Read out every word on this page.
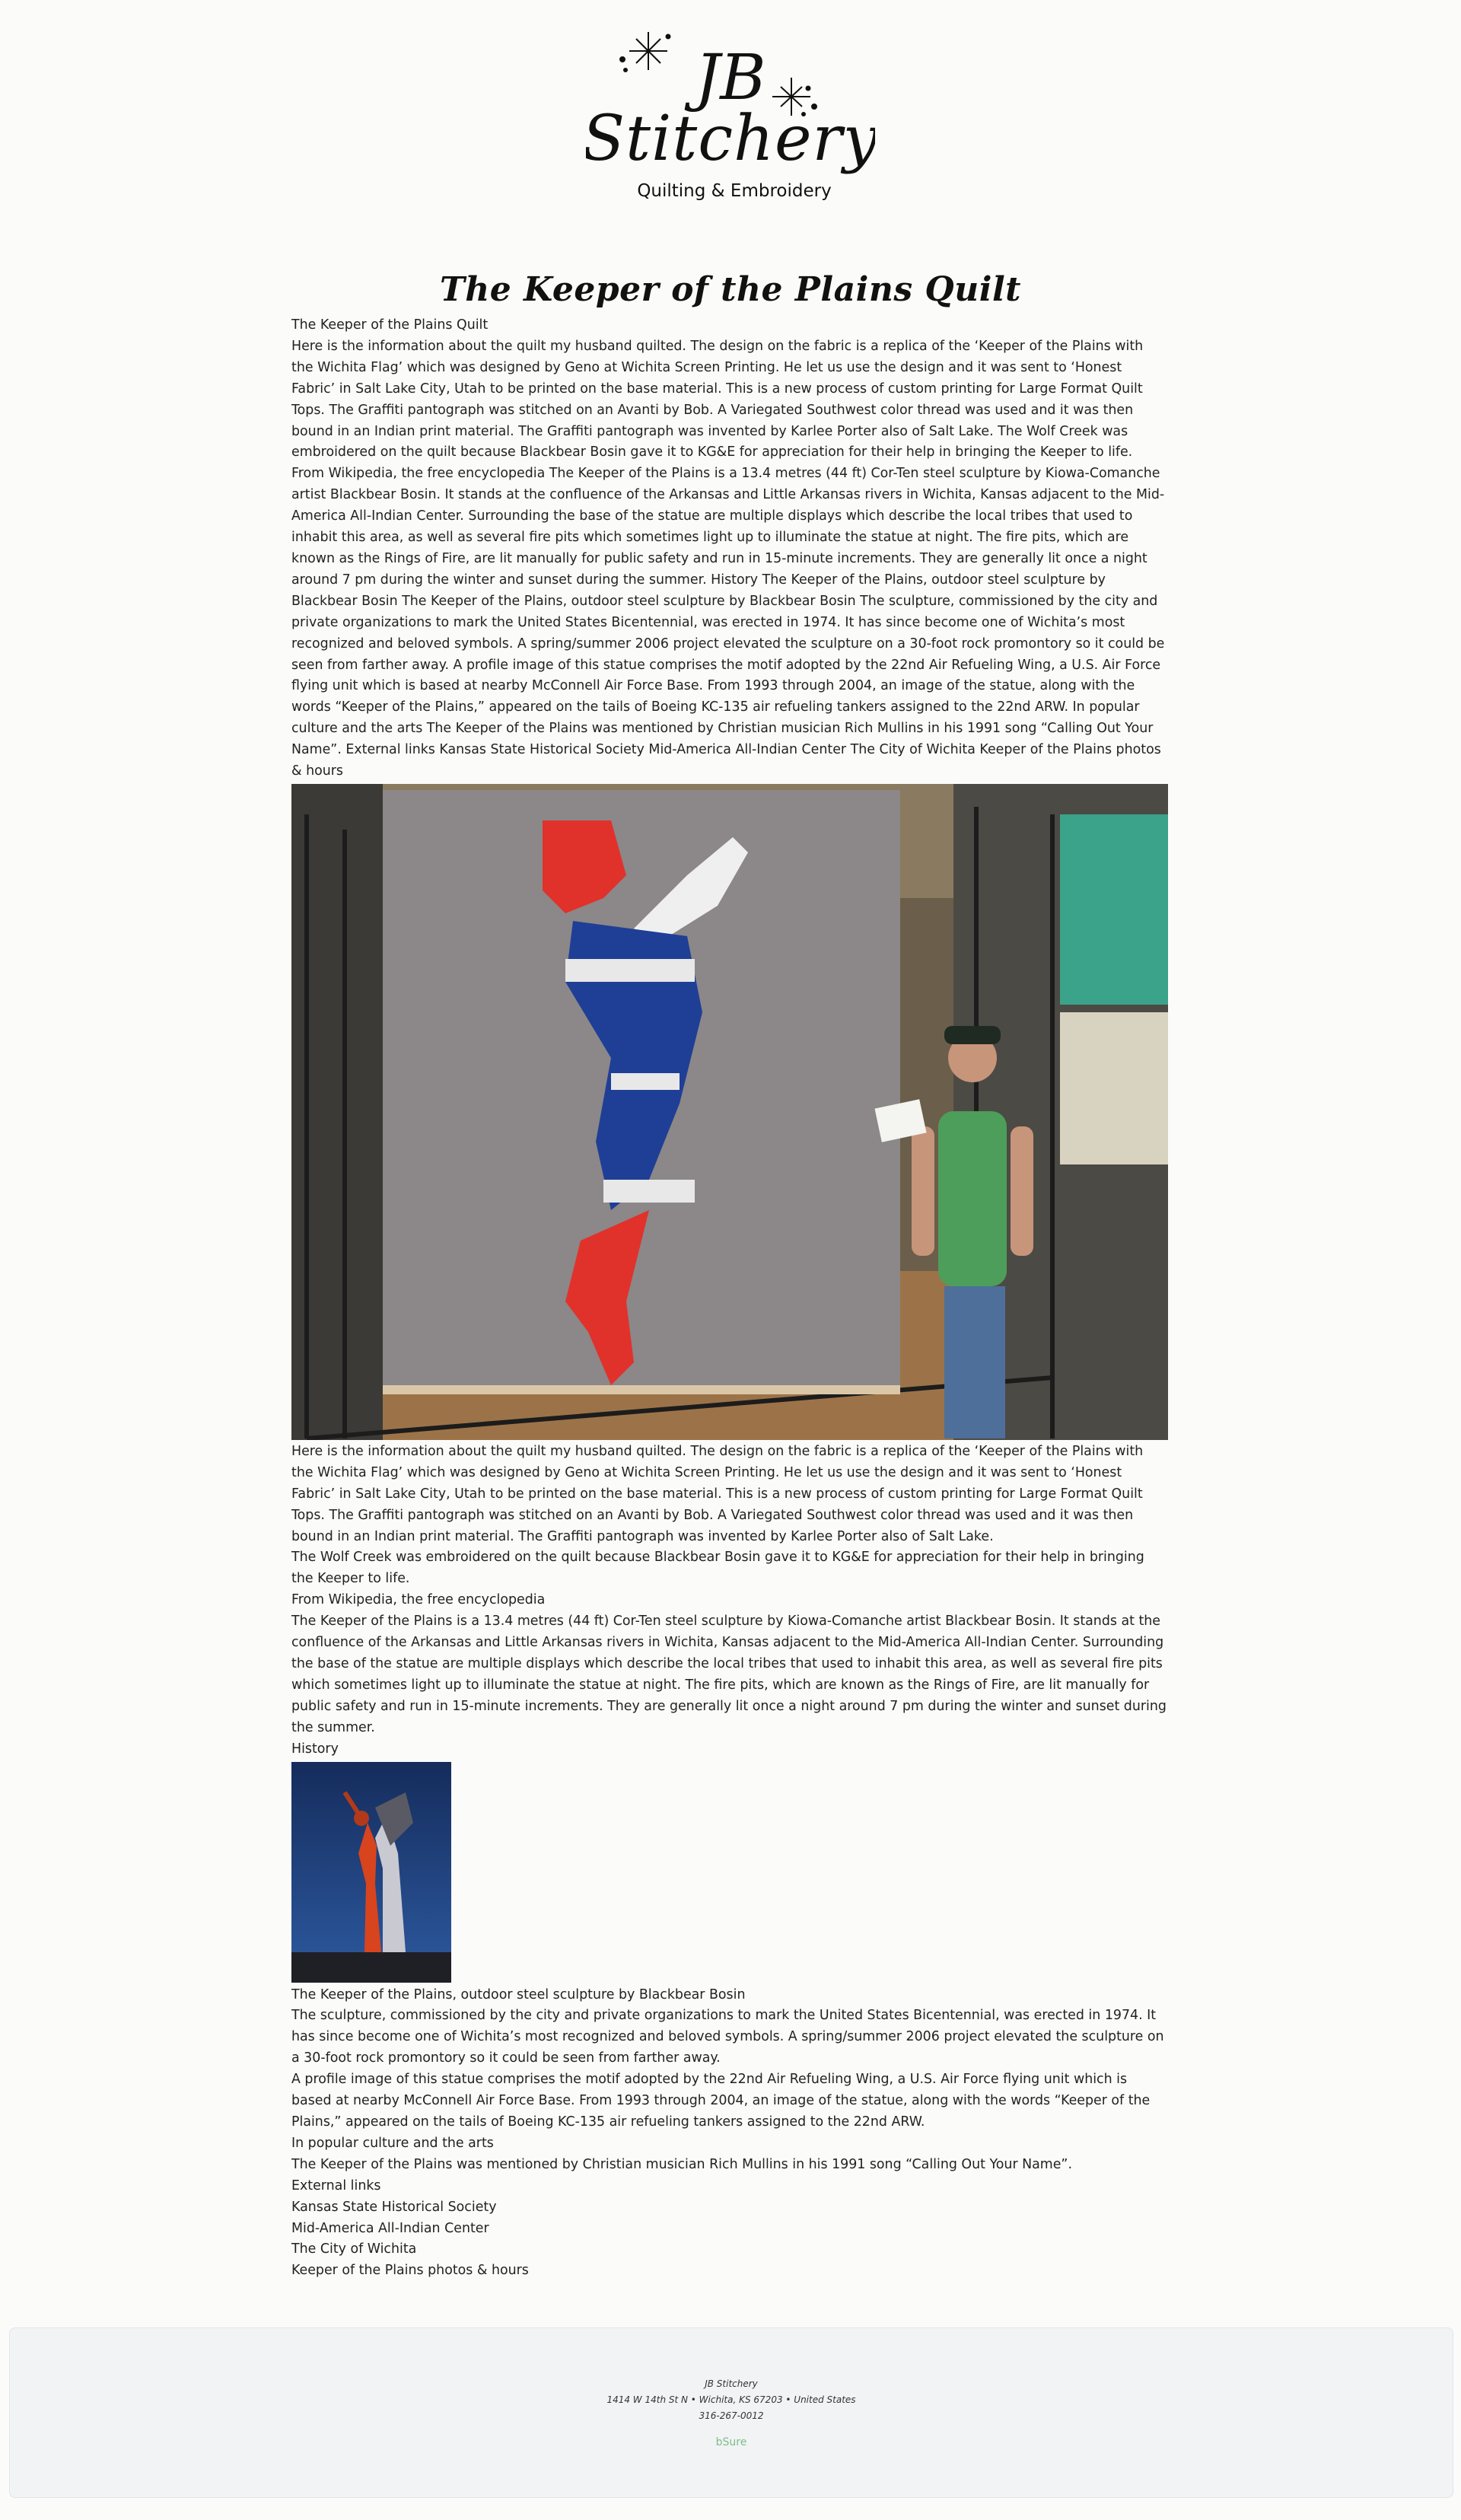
JB
Stitchery
Quilting & Embroidery
The Keeper of the Plains Quilt

The Keeper of the Plains Quilt

Here is the information about the quilt my husband quilted. The design on the fabric is a replica of the ‘Keeper of the Plains with the Wichita Flag’ which was designed by Geno at Wichita Screen Printing. He let us use the design and it was sent to ‘Honest Fabric’ in Salt Lake City, Utah to be printed on the base material. This is a new process of custom printing for Large Format Quilt Tops. The Graffiti pantograph was stitched on an Avanti by Bob. A Variegated Southwest color thread was used and it was then bound in an Indian print material. The Graffiti pantograph was invented by Karlee Porter also of Salt Lake. The Wolf Creek was embroidered on the quilt because Blackbear Bosin gave it to KG&E for appreciation for their help in bringing the Keeper to life. From Wikipedia, the free encyclopedia The Keeper of the Plains is a 13.4 metres (44 ft) Cor-Ten steel sculpture by Kiowa-Comanche artist Blackbear Bosin. It stands at the confluence of the Arkansas and Little Arkansas rivers in Wichita, Kansas adjacent to the Mid-America All-Indian Center. Surrounding the base of the statue are multiple displays which describe the local tribes that used to inhabit this area, as well as several fire pits which sometimes light up to illuminate the statue at night. The fire pits, which are known as the Rings of Fire, are lit manually for public safety and run in 15-minute increments. They are generally lit once a night around 7 pm during the winter and sunset during the summer. History The Keeper of the Plains, outdoor steel sculpture by Blackbear Bosin The Keeper of the Plains, outdoor steel sculpture by Blackbear Bosin The sculpture, commissioned by the city and private organizations to mark the United States Bicentennial, was erected in 1974. It has since become one of Wichita’s most recognized and beloved symbols. A spring/summer 2006 project elevated the sculpture on a 30-foot rock promontory so it could be seen from farther away. A profile image of this statue comprises the motif adopted by the 22nd Air Refueling Wing, a U.S. Air Force flying unit which is based at nearby McConnell Air Force Base. From 1993 through 2004, an image of the statue, along with the words “Keeper of the Plains,” appeared on the tails of Boeing KC-135 air refueling tankers assigned to the 22nd ARW. In popular culture and the arts The Keeper of the Plains was mentioned by Christian musician Rich Mullins in his 1991 song “Calling Out Your Name”. External links Kansas State Historical Society Mid-America All-Indian Center The City of Wichita Keeper of the Plains photos & hours

Here is the information about the quilt my husband quilted. The design on the fabric is a replica of the ‘Keeper of the Plains with the Wichita Flag’ which was designed by Geno at Wichita Screen Printing. He let us use the design and it was sent to ‘Honest Fabric’ in Salt Lake City, Utah to be printed on the base material. This is a new process of custom printing for Large Format Quilt Tops. The Graffiti pantograph was stitched on an Avanti by Bob. A Variegated Southwest color thread was used and it was then bound in an Indian print material. The Graffiti pantograph was invented by Karlee Porter also of Salt Lake.

The Wolf Creek was embroidered on the quilt because Blackbear Bosin gave it to KG&E for appreciation for their help in bringing the Keeper to life.

From Wikipedia, the free encyclopedia

The Keeper of the Plains is a 13.4 metres (44 ft) Cor-Ten steel sculpture by Kiowa-Comanche artist Blackbear Bosin. It stands at the confluence of the Arkansas and Little Arkansas rivers in Wichita, Kansas adjacent to the Mid-America All-Indian Center. Surrounding the base of the statue are multiple displays which describe the local tribes that used to inhabit this area, as well as several fire pits which sometimes light up to illuminate the statue at night. The fire pits, which are known as the Rings of Fire, are lit manually for public safety and run in 15-minute increments. They are generally lit once a night around 7 pm during the winter and sunset during the summer.

History

The Keeper of the Plains, outdoor steel sculpture by Blackbear Bosin

The sculpture, commissioned by the city and private organizations to mark the United States Bicentennial, was erected in 1974. It has since become one of Wichita’s most recognized and beloved symbols. A spring/summer 2006 project elevated the sculpture on a 30-foot rock promontory so it could be seen from farther away.

A profile image of this statue comprises the motif adopted by the 22nd Air Refueling Wing, a U.S. Air Force flying unit which is based at nearby McConnell Air Force Base. From 1993 through 2004, an image of the statue, along with the words “Keeper of the Plains,” appeared on the tails of Boeing KC-135 air refueling tankers assigned to the 22nd ARW.

In popular culture and the arts

The Keeper of the Plains was mentioned by Christian musician Rich Mullins in his 1991 song “Calling Out Your Name”.

External links

Kansas State Historical Society

Mid-America All-Indian Center

The City of Wichita

Keeper of the Plains photos & hours

JB Stitchery
1414 W 14th St N • Wichita, KS 67203 • United States
316-267-0012
bSure
